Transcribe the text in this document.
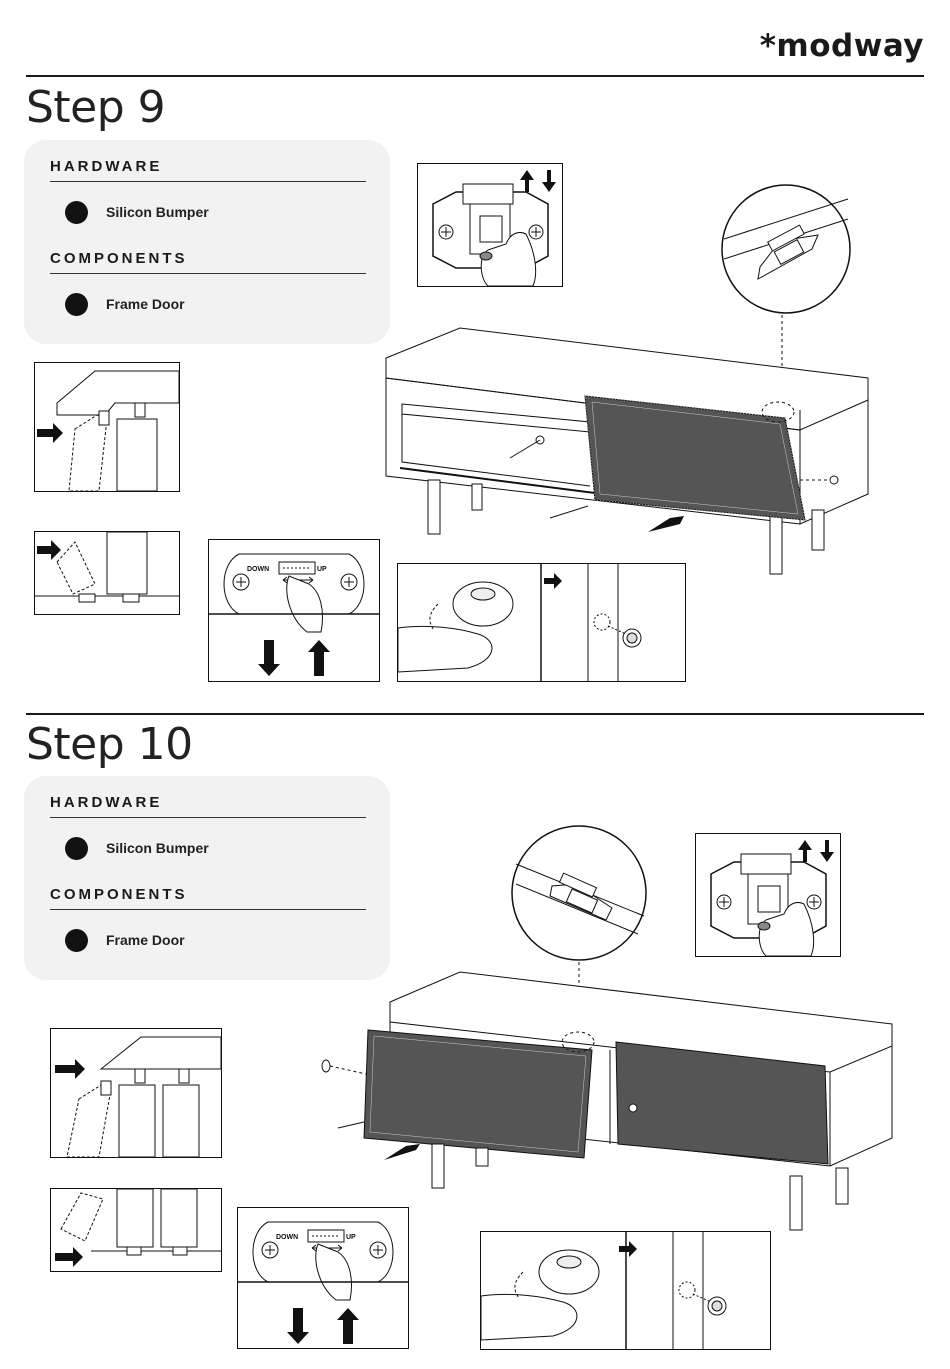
*modway
Step 9
HARDWARE
Silicon Bumper
COMPONENTS
Frame Door
DOWN	UP
Step 10
HARDWARE
Silicon Bumper
COMPONENTS
Frame Door
DOWN	UP
